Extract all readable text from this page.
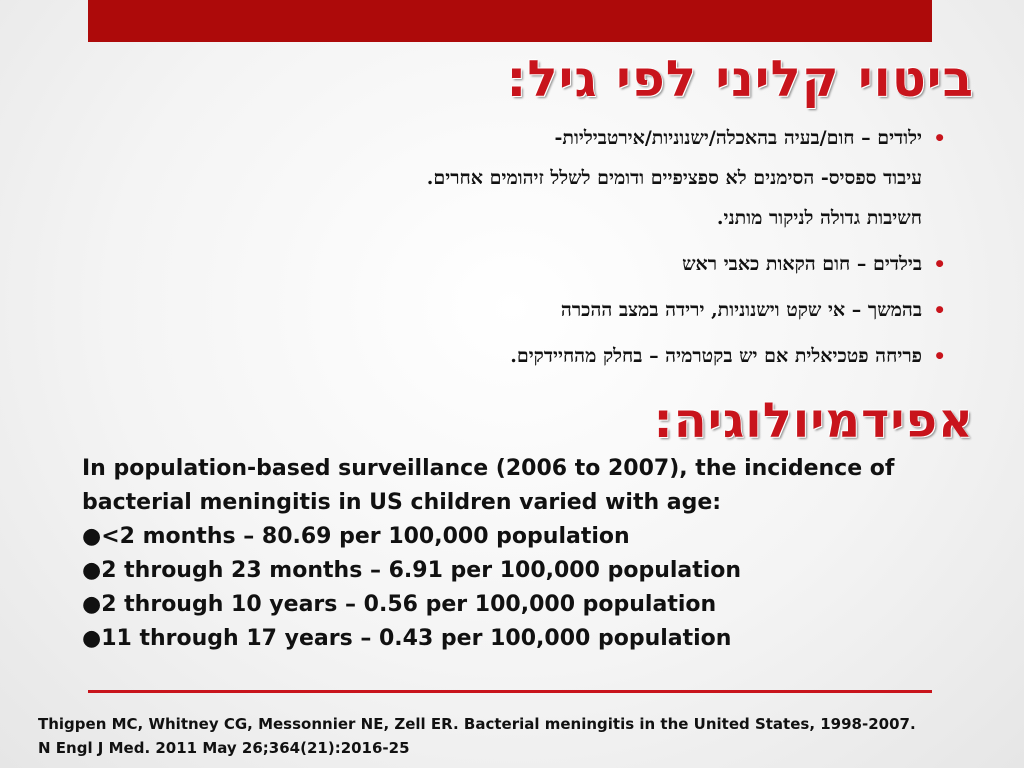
ביטוי קליני לפי גיל:
•
ילודים – חום/בעיה בהאכלה/ישנוניות/אירטביליות-
עיבוד ספסיס- הסימנים לא ספציפיים ודומים לשלל זיהומים אחרים.
חשיבות גדולה לניקור מותני.
•
בילדים – חום הקאות כאבי ראש
•
בהמשך – אי שקט וישנוניות, ירידה במצב ההכרה
•
פריחה פטכיאלית אם יש בקטרמיה – בחלק מהחיידקים.
אפידמיולוגיה:

In population-based surveillance (2006 to 2007), the incidence of bacterial meningitis in US children varied with age:

●<2 months – 80.69 per 100,000 population

●2 through 23 months – 6.91 per 100,000 population

●2 through 10 years – 0.56 per 100,000 population

●11 through 17 years – 0.43 per 100,000 population

Thigpen MC, Whitney CG, Messonnier NE, Zell ER. Bacterial meningitis in the United States, 1998-2007.

N Engl J Med. 2011 May 26;364(21):2016-25
